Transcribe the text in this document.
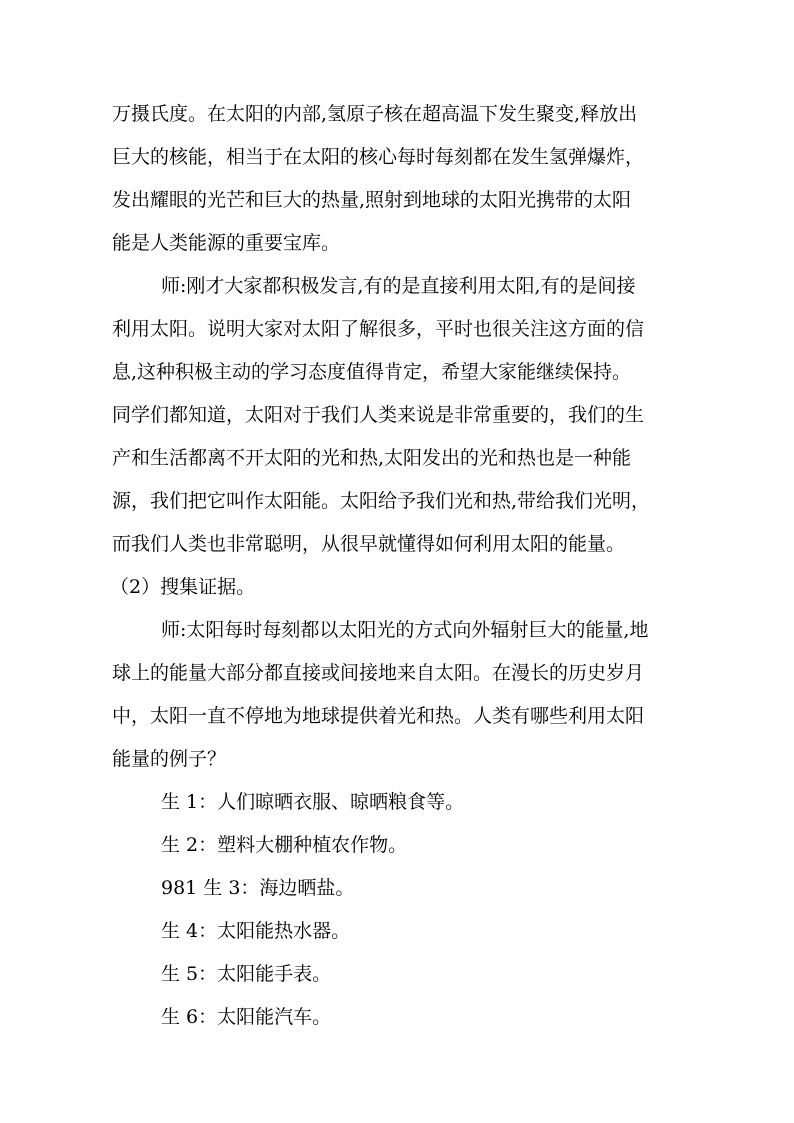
万摄氏度。在太阳的内部,氢原子核在超高温下发生聚变,释放出
巨大的核能，相当于在太阳的核心每时每刻都在发生氢弹爆炸，
发出耀眼的光芒和巨大的热量,照射到地球的太阳光携带的太阳
能是人类能源的重要宝库。
师:刚才大家都积极发言,有的是直接利用太阳,有的是间接
利用太阳。说明大家对太阳了解很多，平时也很关注这方面的信
息,这种积极主动的学习态度值得肯定，希望大家能继续保持。
同学们都知道，太阳对于我们人类来说是非常重要的，我们的生
产和生活都离不开太阳的光和热,太阳发出的光和热也是一种能
源，我们把它叫作太阳能。太阳给予我们光和热,带给我们光明，
而我们人类也非常聪明，从很早就懂得如何利用太阳的能量。
（2）搜集证据。
师:太阳每时每刻都以太阳光的方式向外辐射巨大的能量,地
球上的能量大部分都直接或间接地来自太阳。在漫长的历史岁月
中，太阳一直不停地为地球提供着光和热。人类有哪些利用太阳
能量的例子？
生 1：人们晾晒衣服、晾晒粮食等。
生 2：塑料大棚种植农作物。
981 生 3：海边晒盐。
生 4：太阳能热水器。
生 5：太阳能手表。
生 6：太阳能汽车。
